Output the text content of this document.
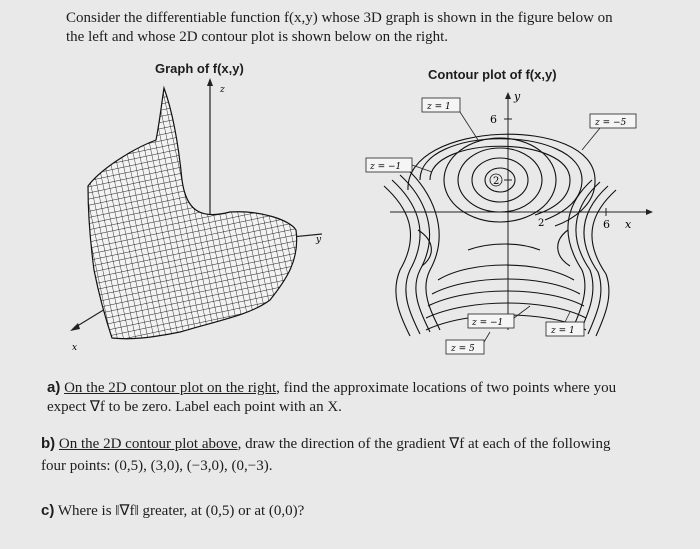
Consider the differentiable function f(x,y) whose 3D graph is shown in the figure below on
the left and whose 2D contour plot is shown below on the right.
Graph of f(x,y)	Contour plot of f(x,y)
z
y
x
6
6
2
2
y
x
z = 1
z = −1
z = −5
z = −1
z = 1
z = 5
a) On the 2D contour plot on the right, find the approximate locations of two points where you
expect ∇f to be zero. Label each point with an X.
b) On the 2D contour plot above, draw the direction of the gradient ∇f at each of the following
four points: (0,5), (3,0), (−3,0), (0,−3).
c) Where is ‖∇f‖ greater, at (0,5) or at (0,0)?
